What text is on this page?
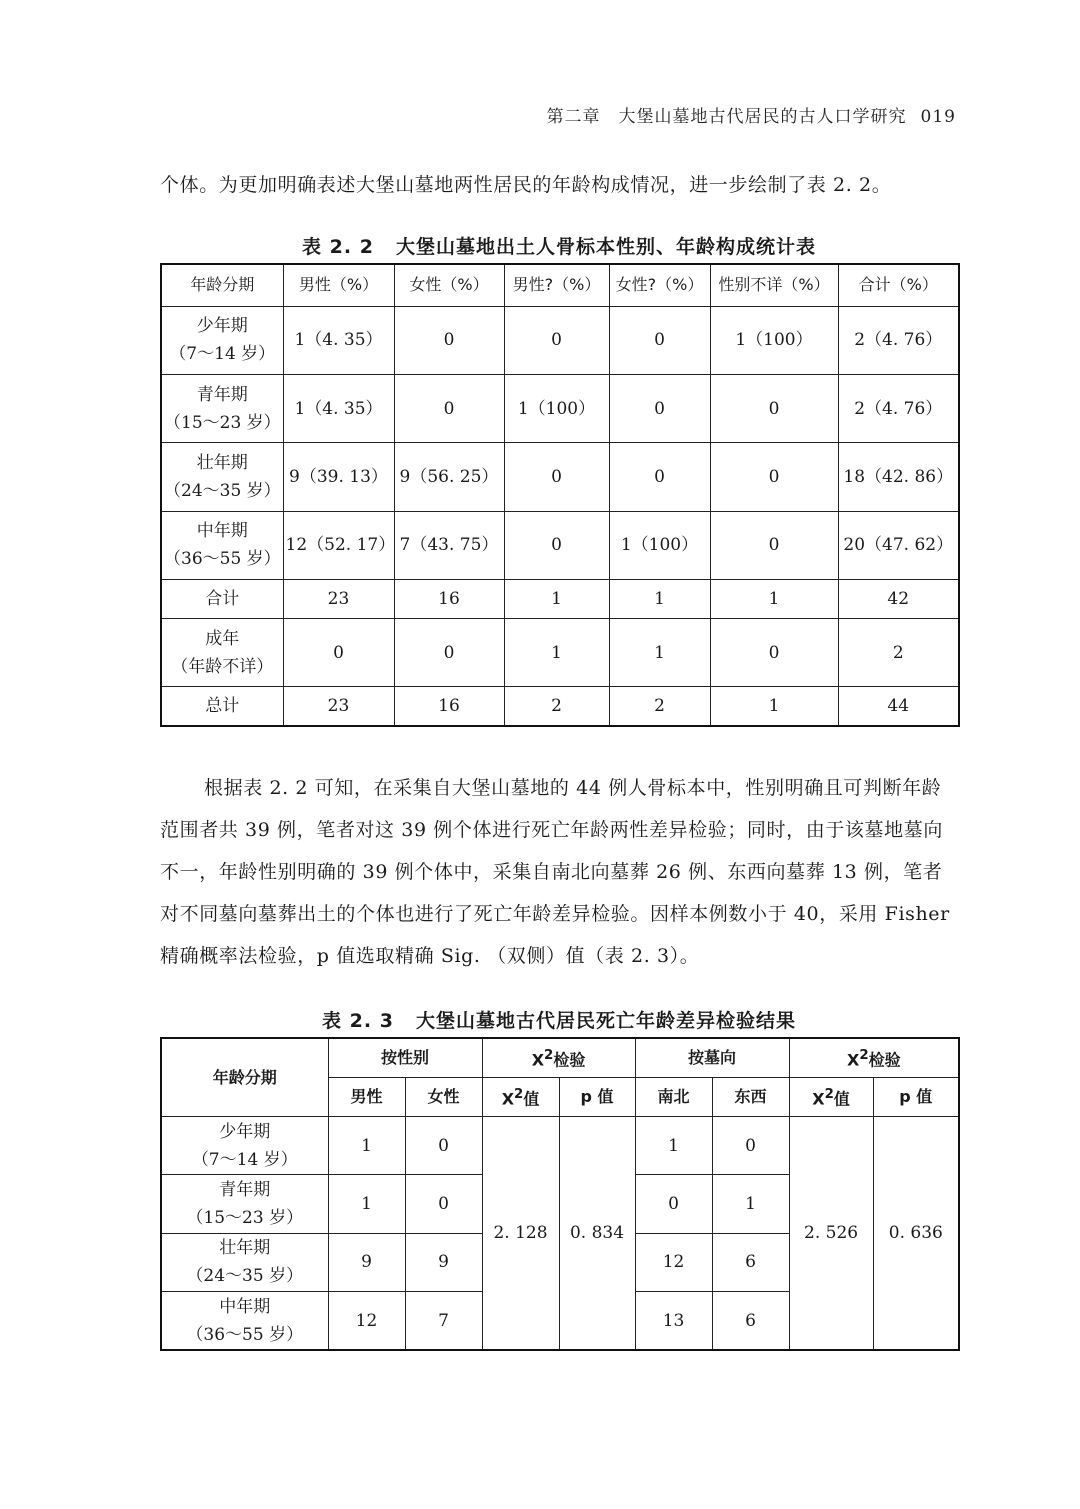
第二章　大堡山墓地古代居民的古人口学研究 019

个体。为更加明确表述大堡山墓地两性居民的年龄构成情况，进一步绘制了表 2. 2。

表 2. 2 大堡山墓地出土人骨标本性别、年龄构成统计表

年龄分期	男性（%）	女性（%）	男性?（%）	女性?（%）	性别不详（%）	合计（%）

少年期
（7～14 岁）	1（4. 35）	0	0	0	1（100）	2（4. 76）

青年期
（15～23 岁）	1（4. 35）	0	1（100）	0	0	2（4. 76）

壮年期
（24～35 岁）	9（39. 13）	9（56. 25）	0	0	0	18（42. 86）

中年期
（36～55 岁）	12（52. 17）	7（43. 75）	0	1（100）	0	20（47. 62）

合计	23	16	1	1	1	42

成年
（年龄不详）	0	0	1	1	0	2

总计	23	16	2	2	1	44

根据表 2. 2 可知，在采集自大堡山墓地的 44 例人骨标本中，性别明确且可判断年龄范围者共 39 例，笔者对这 39 例个体进行死亡年龄两性差异检验；同时，由于该墓地墓向不一，年龄性别明确的 39 例个体中，采集自南北向墓葬 26 例、东西向墓葬 13 例，笔者对不同墓向墓葬出土的个体也进行了死亡年龄差异检验。因样本例数小于 40，采用 Fisher 精确概率法检验，p 值选取精确 Sig. （双侧）值（表 2. 3）。

表 2. 3 大堡山墓地古代居民死亡年龄差异检验结果

年龄分期	按性别		$X^2$检验		按墓向		$X^2$检验	
	男性	女性	$X^2$值	p 值	南北	东西	$X^2$值	p 值

少年期
（7～14 岁）	1	0	2. 128	0. 834	1	0	2. 526	0. 636

青年期
（15～23 岁）	1	0			0	1		

壮年期
（24～35 岁）	9	9			12	6		

中年期
（36～55 岁）	12	7			13	6		
